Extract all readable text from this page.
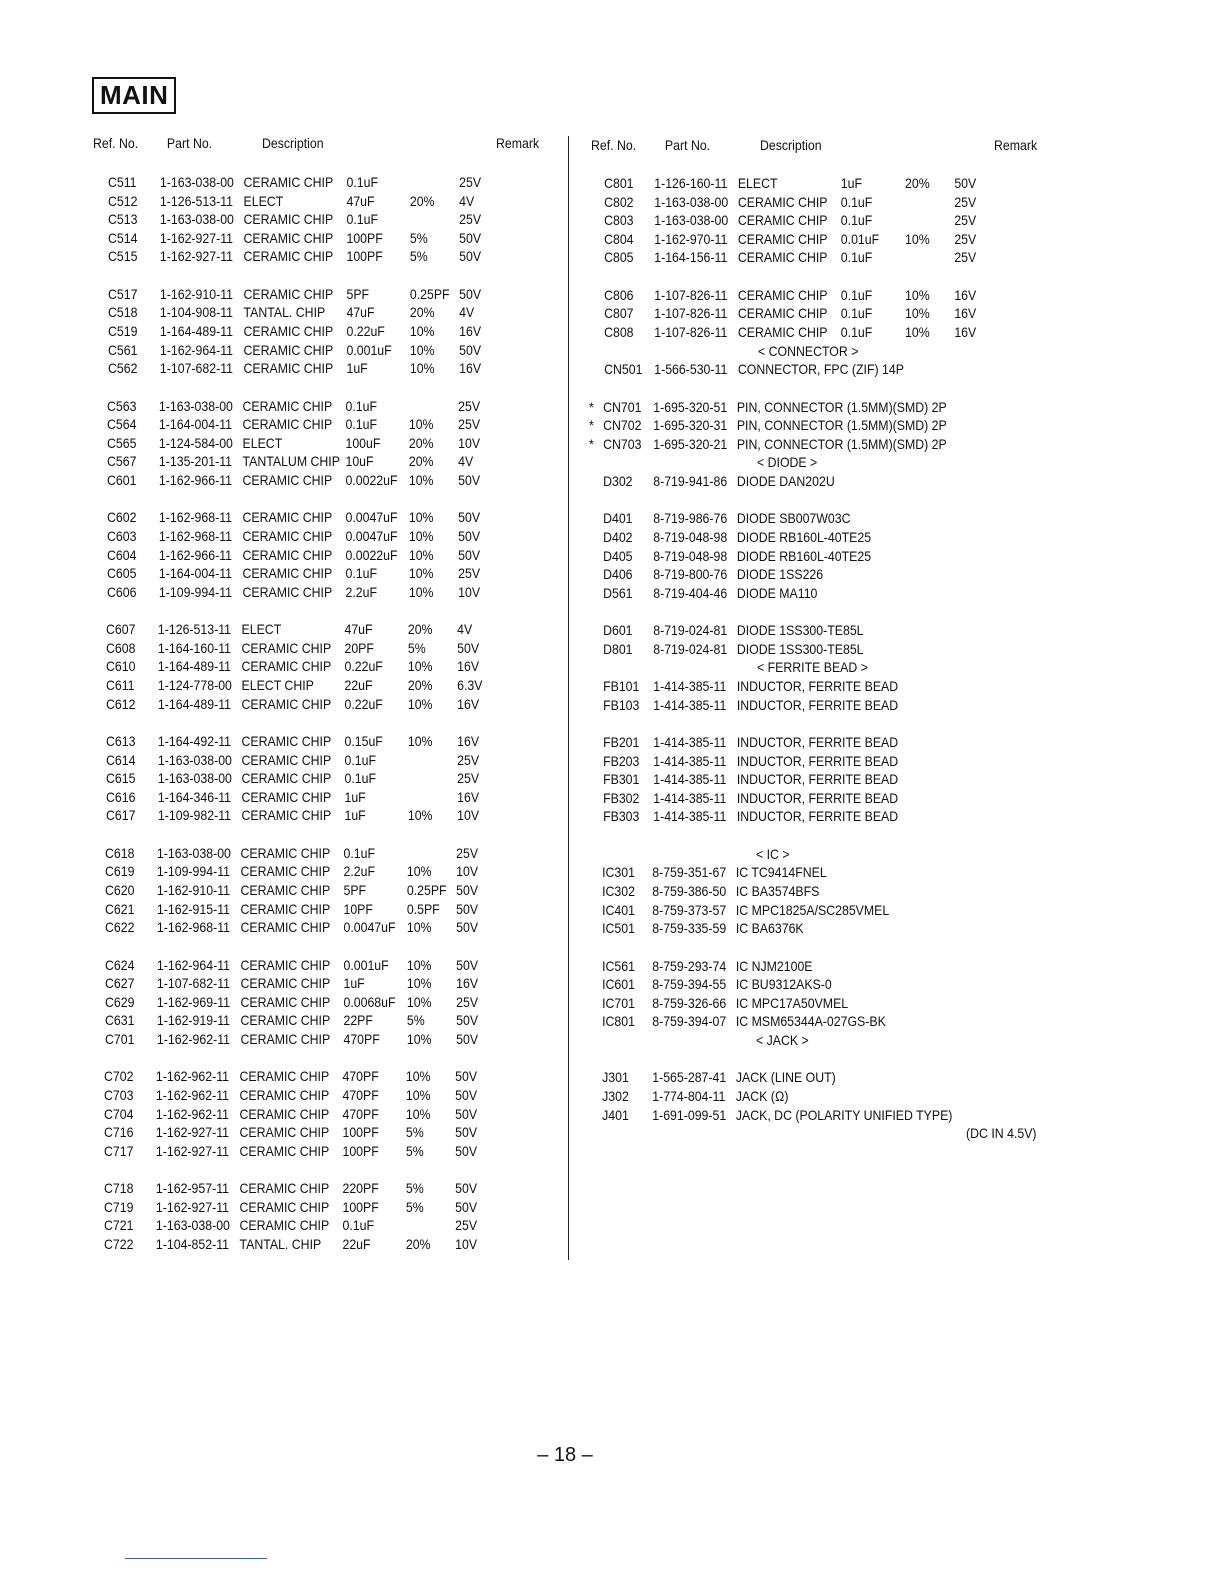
MAIN
Ref. No. Part No.	Description	Remark
C511 1-163-038-00 CERAMIC CHIP 0.1uF	25V
C512 1-126-513-11 ELECT	47uF	20% 4V
C513 1-163-038-00 CERAMIC CHIP 0.1uF	25V
C514 1-162-927-11 CERAMIC CHIP 100PF 5% 50V
C515 1-162-927-11 CERAMIC CHIP 100PF 5% 50V
C517 1-162-910-11 CERAMIC CHIP 5PF	0.25PF 50V
C518 1-104-908-11 TANTAL. CHIP 47uF	20% 4V
C519 1-164-489-11 CERAMIC CHIP 0.22uF 10% 16V
C561 1-162-964-11 CERAMIC CHIP 0.001uF 10% 50V
C562 1-107-682-11 CERAMIC CHIP 1uF	10% 16V
C563 1-163-038-00 CERAMIC CHIP 0.1uF	25V
C564 1-164-004-11 CERAMIC CHIP 0.1uF 10% 25V
C565 1-124-584-00 ELECT	100uF 20% 10V
C567 1-135-201-11 TANTALUM CHIP 10uF	20% 4V
C601 1-162-966-11 CERAMIC CHIP 0.0022uF 10% 50V
C602 1-162-968-11 CERAMIC CHIP 0.0047uF 10% 50V
C603 1-162-968-11 CERAMIC CHIP 0.0047uF 10% 50V
C604 1-162-966-11 CERAMIC CHIP 0.0022uF 10% 50V
C605 1-164-004-11 CERAMIC CHIP 0.1uF 10% 25V
C606 1-109-994-11 CERAMIC CHIP 2.2uF 10% 10V
C607 1-126-513-11 ELECT	47uF	20% 4V
C608 1-164-160-11 CERAMIC CHIP 20PF 5% 50V
C610 1-164-489-11 CERAMIC CHIP 0.22uF 10% 16V
C611 1-124-778-00 ELECT CHIP 22uF	20% 6.3V
C612 1-164-489-11 CERAMIC CHIP 0.22uF 10% 16V
C613 1-164-492-11 CERAMIC CHIP 0.15uF 10% 16V
C614 1-163-038-00 CERAMIC CHIP 0.1uF	25V
C615 1-163-038-00 CERAMIC CHIP 0.1uF	25V
C616 1-164-346-11 CERAMIC CHIP 1uF	16V
C617 1-109-982-11 CERAMIC CHIP 1uF	10% 10V
C618 1-163-038-00 CERAMIC CHIP 0.1uF	25V
C619 1-109-994-11 CERAMIC CHIP 2.2uF 10% 10V
C620 1-162-910-11 CERAMIC CHIP 5PF	0.25PF 50V
C621 1-162-915-11 CERAMIC CHIP 10PF 0.5PF 50V
C622 1-162-968-11 CERAMIC CHIP 0.0047uF 10% 50V
C624 1-162-964-11 CERAMIC CHIP 0.001uF 10% 50V
C627 1-107-682-11 CERAMIC CHIP 1uF	10% 16V
C629 1-162-969-11 CERAMIC CHIP 0.0068uF 10% 25V
C631 1-162-919-11 CERAMIC CHIP 22PF 5% 50V
C701 1-162-962-11 CERAMIC CHIP 470PF 10% 50V
C702 1-162-962-11 CERAMIC CHIP 470PF 10% 50V
C703 1-162-962-11 CERAMIC CHIP 470PF 10% 50V
C704 1-162-962-11 CERAMIC CHIP 470PF 10% 50V
C716 1-162-927-11 CERAMIC CHIP 100PF 5% 50V
C717 1-162-927-11 CERAMIC CHIP 100PF 5% 50V
C718 1-162-957-11 CERAMIC CHIP 220PF 5% 50V
C719 1-162-927-11 CERAMIC CHIP 100PF 5% 50V
C721 1-163-038-00 CERAMIC CHIP 0.1uF	25V
C722 1-104-852-11 TANTAL. CHIP 22uF	20% 10V
Ref. No. Part No.	Description	Remark
C801 1-126-160-11 ELECT	1uF	20% 50V
C802 1-163-038-00 CERAMIC CHIP 0.1uF	25V
C803 1-163-038-00 CERAMIC CHIP 0.1uF	25V
C804 1-162-970-11 CERAMIC CHIP 0.01uF 10% 25V
C805 1-164-156-11 CERAMIC CHIP 0.1uF	25V
C806 1-107-826-11 CERAMIC CHIP 0.1uF 10% 16V
C807 1-107-826-11 CERAMIC CHIP 0.1uF 10% 16V
C808 1-107-826-11 CERAMIC CHIP 0.1uF 10% 16V
< CONNECTOR >
CN501 1-566-530-11 CONNECTOR, FPC (ZIF) 14P
* CN701 1-695-320-51 PIN, CONNECTOR (1.5MM)(SMD) 2P
* CN702 1-695-320-31 PIN, CONNECTOR (1.5MM)(SMD) 2P
* CN703 1-695-320-21 PIN, CONNECTOR (1.5MM)(SMD) 2P
< DIODE >
D302 8-719-941-86 DIODE DAN202U
D401 8-719-986-76 DIODE SB007W03C
D402 8-719-048-98 DIODE RB160L-40TE25
D405 8-719-048-98 DIODE RB160L-40TE25
D406 8-719-800-76 DIODE 1SS226
D561 8-719-404-46 DIODE MA110
D601 8-719-024-81 DIODE 1SS300-TE85L
D801 8-719-024-81 DIODE 1SS300-TE85L
< FERRITE BEAD >
FB101 1-414-385-11 INDUCTOR, FERRITE BEAD
FB103 1-414-385-11 INDUCTOR, FERRITE BEAD
FB201 1-414-385-11 INDUCTOR, FERRITE BEAD
FB203 1-414-385-11 INDUCTOR, FERRITE BEAD
FB301 1-414-385-11 INDUCTOR, FERRITE BEAD
FB302 1-414-385-11 INDUCTOR, FERRITE BEAD
FB303 1-414-385-11 INDUCTOR, FERRITE BEAD
< IC >
IC301 8-759-351-67 IC TC9414FNEL
IC302 8-759-386-50 IC BA3574BFS
IC401 8-759-373-57 IC MPC1825A/SC285VMEL
IC501 8-759-335-59 IC BA6376K
IC561 8-759-293-74 IC NJM2100E
IC601 8-759-394-55 IC BU9312AKS-0
IC701 8-759-326-66 IC MPC17A50VMEL
IC801 8-759-394-07 IC MSM65344A-027GS-BK
< JACK >
J301 1-565-287-41 JACK (LINE OUT)
J302 1-774-804-11 JACK (Ω)
J401 1-691-099-51 JACK, DC (POLARITY UNIFIED TYPE)
(DC IN 4.5V)
– 18 –
